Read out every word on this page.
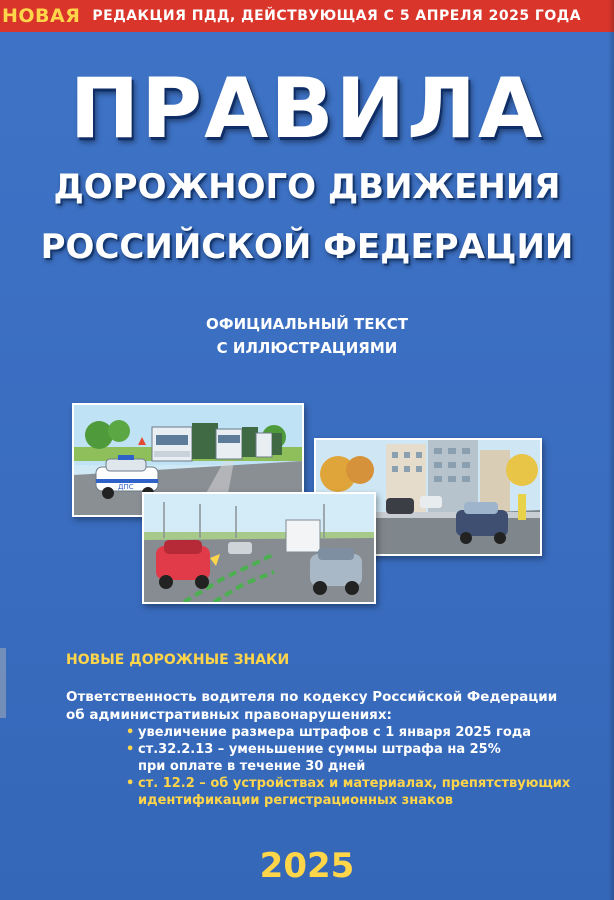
НОВАЯ РЕДАКЦИЯ ПДД, ДЕЙСТВУЮЩАЯ С 5 АПРЕЛЯ 2025 ГОДА
ПРАВИЛА
ДОРОЖНОГО ДВИЖЕНИЯ
РОССИЙСКОЙ ФЕДЕРАЦИИ
ОФИЦИАЛЬНЫЙ ТЕКСТ
С ИЛЛЮСТРАЦИЯМИ
ДПС
НОВЫЕ ДОРОЖНЫЕ ЗНАКИ
Ответственность водителя по кодексу Российской Федерации
об административных правонарушениях:
• увеличение размера штрафов с 1 января 2025 года
• ст.32.2.13 – уменьшение суммы штрафа на 25%
при оплате в течение 30 дней
• ст. 12.2 – об устройствах и материалах, препятствующих
идентификации регистрационных знаков
2025
